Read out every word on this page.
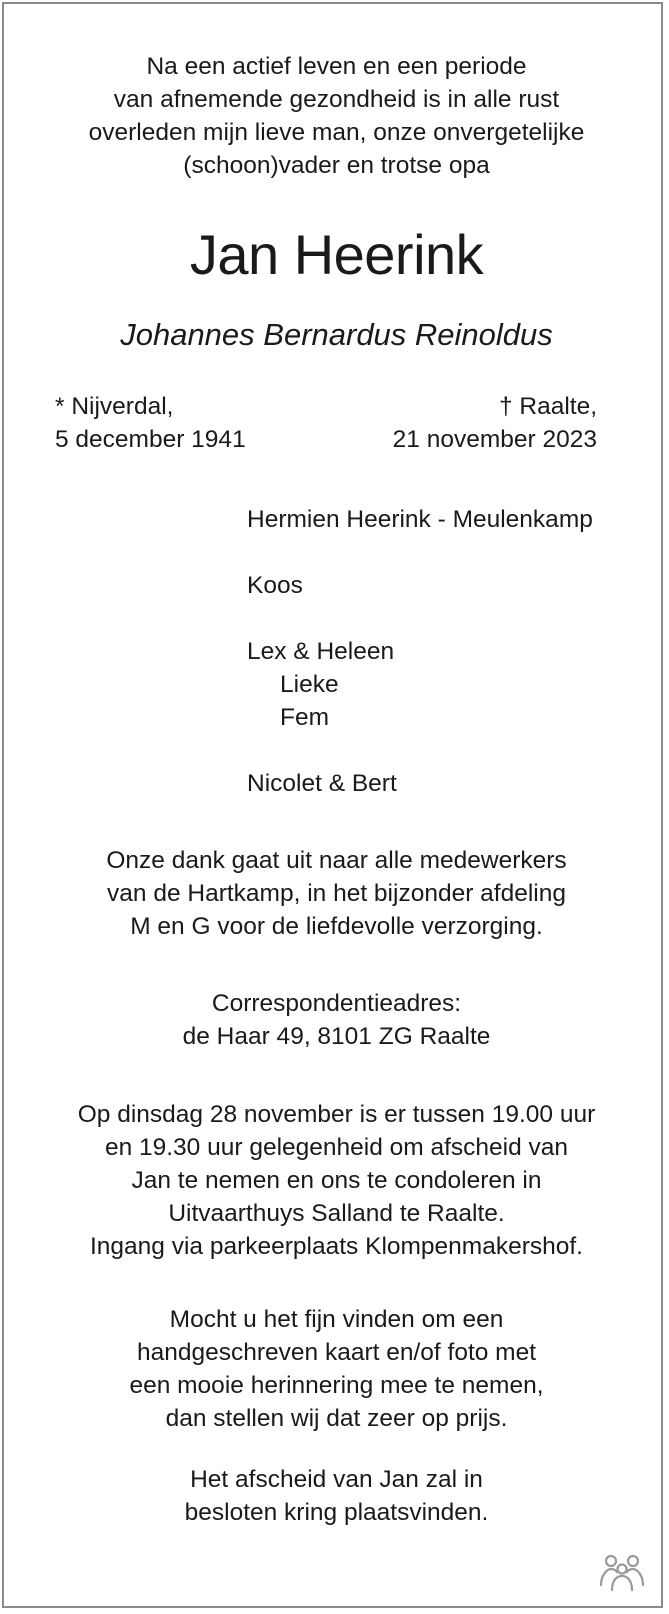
Na een actief leven en een periode
van afnemende gezondheid is in alle rust
overleden mijn lieve man, onze onvergetelijke
(schoon)vader en trotse opa

Jan Heerink

Johannes Bernardus Reinoldus

* Nijverdal,
5 december 1941
† Raalte,
21 november 2023
Hermien Heerink - Meulenkamp
Koos
Lex & Heleen
Lieke
Fem
Nicolet & Bert

Onze dank gaat uit naar alle medewerkers
van de Hartkamp, in het bijzonder afdeling
M en G voor de liefdevolle verzorging.

Correspondentieadres:
de Haar 49, 8101 ZG Raalte

Op dinsdag 28 november is er tussen 19.00 uur
en 19.30 uur gelegenheid om afscheid van
Jan te nemen en ons te condoleren in
Uitvaarthuys Salland te Raalte.
Ingang via parkeerplaats Klompenmakershof.

Mocht u het fijn vinden om een
handgeschreven kaart en/of foto met
een mooie herinnering mee te nemen,
dan stellen wij dat zeer op prijs.

Het afscheid van Jan zal in
besloten kring plaatsvinden.
